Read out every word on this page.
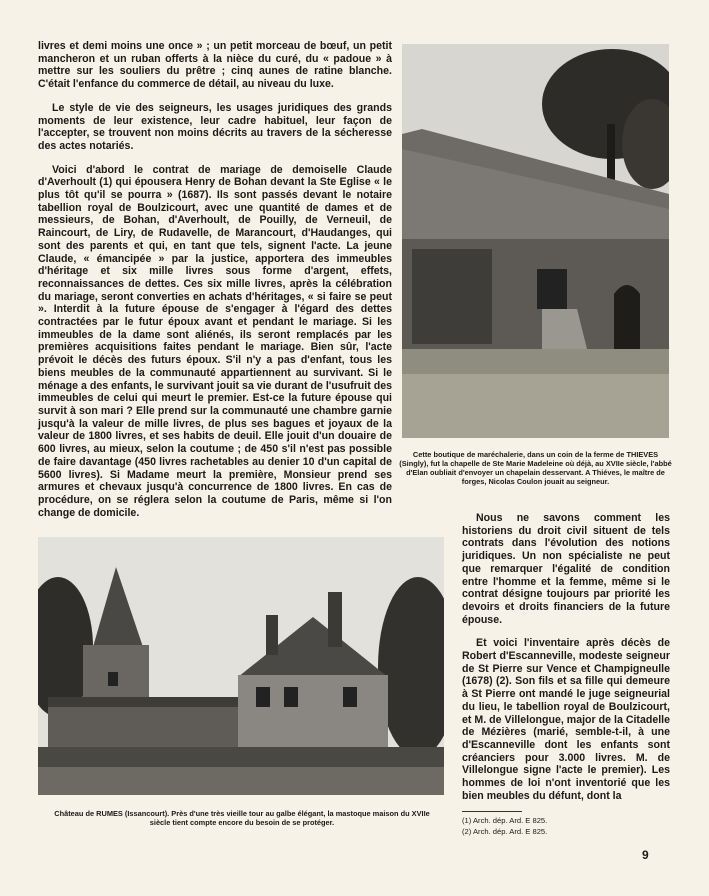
livres et demi moins une once » ; un petit morceau de bœuf, un petit mancheron et un ruban offerts à la nièce du curé, du « padoue » à mettre sur les souliers du prêtre ; cinq aunes de ratine blanche. C'était l'enfance du commerce de détail, au niveau du luxe.

Le style de vie des seigneurs, les usages juridiques des grands moments de leur existence, leur cadre habituel, leur façon de l'accepter, se trouvent non moins décrits au travers de la sécheresse des actes notariés.

Voici d'abord le contrat de mariage de demoiselle Claude d'Averhoult (1) qui épousera Henry de Bohan devant la Ste Eglise « le plus tôt qu'il se pourra » (1687). Ils sont passés devant le notaire tabellion royal de Boulzicourt, avec une quantité de dames et de messieurs, de Bohan, d'Averhoult, de Pouilly, de Verneuil, de Raincourt, de Liry, de Rudavelle, de Marancourt, d'Haudanges, qui sont des parents et qui, en tant que tels, signent l'acte. La jeune Claude, « émancipée » par la justice, apportera des immeubles d'héritage et six mille livres sous forme d'argent, effets, reconnaissances de dettes. Ces six mille livres, après la célébration du mariage, seront converties en achats d'héritages, « si faire se peut ». Interdit à la future épouse de s'engager à l'égard des dettes contractées par le futur époux avant et pendant le mariage. Si les immeubles de la dame sont aliénés, ils seront remplacés par les premières acquisitions faites pendant le mariage. Bien sûr, l'acte prévoit le décès des futurs époux. S'il n'y a pas d'enfant, tous les biens meubles de la communauté appartiennent au survivant. Si le ménage a des enfants, le survivant jouit sa vie durant de l'usufruit des immeubles de celui qui meurt le premier. Est-ce la future épouse qui survit à son mari ? Elle prend sur la communauté une chambre garnie jusqu'à la valeur de mille livres, de plus ses bagues et joyaux de la valeur de 1800 livres, et ses habits de deuil. Elle jouit d'un douaire de 600 livres, au mieux, selon la coutume ; de 450 s'il n'est pas possible de faire davantage (450 livres rachetables au denier 10 d'un capital de 5600 livres). Si Madame meurt la première, Monsieur prend ses armures et chevaux jusqu'à concurrence de 1800 livres. En cas de procédure, on se réglera selon la coutume de Paris, même si l'on change de domicile.

Cette boutique de maréchalerie, dans un coin de la ferme de THIEVES (Singly), fut la chapelle de Ste Marie Madeleine où déjà, au XVIIe siècle, l'abbé d'Elan oubliait d'envoyer un chapelain desservant. A Thiéves, le maître de forges, Nicolas Coulon jouait au seigneur.
Château de RUMES (Issancourt). Près d'une très vieille tour au galbe élégant, la mastoque maison du XVIIe siècle tient compte encore du besoin de se protéger.

Nous ne savons comment les historiens du droit civil situent de tels contrats dans l'évolution des notions juridiques. Un non spécialiste ne peut que remarquer l'égalité de condition entre l'homme et la femme, même si le contrat désigne toujours par priorité les devoirs et droits financiers de la future épouse.

Et voici l'inventaire après décès de Robert d'Escanneville, modeste seigneur de St Pierre sur Vence et Champigneulle (1678) (2). Son fils et sa fille qui demeure à St Pierre ont mandé le juge seigneurial du lieu, le tabellion royal de Boulzicourt, et M. de Villelongue, major de la Citadelle de Mézières (marié, semble-t-il, à une d'Escanneville dont les enfants sont créanciers pour 3.000 livres. M. de Villelongue signe l'acte le premier). Les hommes de loi n'ont inventorié que les bien meubles du défunt, dont la

(1) Arch. dép. Ard. E 825.
(2) Arch. dép. Ard. E 825.
9
